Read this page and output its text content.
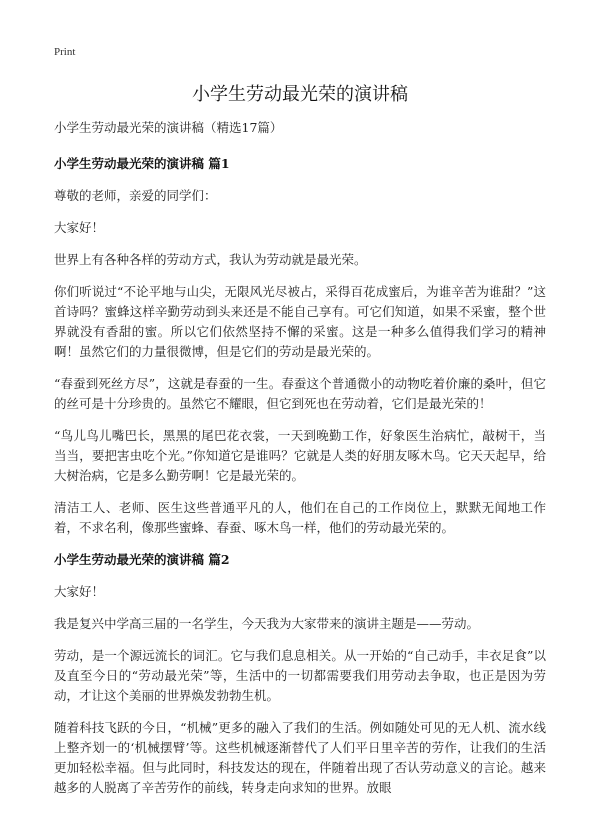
Print
小学生劳动最光荣的演讲稿

小学生劳动最光荣的演讲稿（精选17篇）

小学生劳动最光荣的演讲稿 篇1

尊敬的老师，亲爱的同学们：

大家好！

世界上有各种各样的劳动方式，我认为劳动就是最光荣。

你们听说过“不论平地与山尖，无限风光尽被占，采得百花成蜜后，为谁辛苦为谁甜？”这首诗吗？蜜蜂这样辛勤劳动到头来还是不能自己享有。可它们知道，如果不采蜜，整个世界就没有香甜的蜜。所以它们依然坚持不懈的采蜜。这是一种多么值得我们学习的精神啊！虽然它们的力量很微博，但是它们的劳动是最光荣的。

“春蚕到死丝方尽”，这就是春蚕的一生。春蚕这个普通微小的动物吃着价廉的桑叶，但它的丝可是十分珍贵的。虽然它不耀眼，但它到死也在劳动着，它们是最光荣的！

“鸟儿鸟儿嘴巴长，黑黑的尾巴花衣裳，一天到晚勤工作，好象医生治病忙，敲树干，当当当，要把害虫吃个光。”你知道它是谁吗？它就是人类的好朋友啄木鸟。它天天起早，给大树治病，它是多么勤劳啊！它是最光荣的。

清洁工人、老师、医生这些普通平凡的人，他们在自己的工作岗位上，默默无闻地工作着，不求名利，像那些蜜蜂、春蚕、啄木鸟一样，他们的劳动最光荣的。

小学生劳动最光荣的演讲稿 篇2

大家好！

我是复兴中学高三届的一名学生，今天我为大家带来的演讲主题是——劳动。

劳动，是一个源远流长的词汇。它与我们息息相关。从一开始的“自己动手，丰衣足食”以及直至今日的“劳动最光荣”等，生活中的一切都需要我们用劳动去争取，也正是因为劳动，才让这个美丽的世界焕发勃勃生机。

随着科技飞跃的今日，“机械”更多的融入了我们的生活。例如随处可见的无人机、流水线上整齐划一的‘机械摆臂’等。这些机械逐渐替代了人们平日里辛苦的劳作，让我们的生活更加轻松幸福。但与此同时，科技发达的现在，伴随着出现了否认劳动意义的言论。越来越多的人脱离了辛苦劳作的前线，转身走向求知的世界。放眼
